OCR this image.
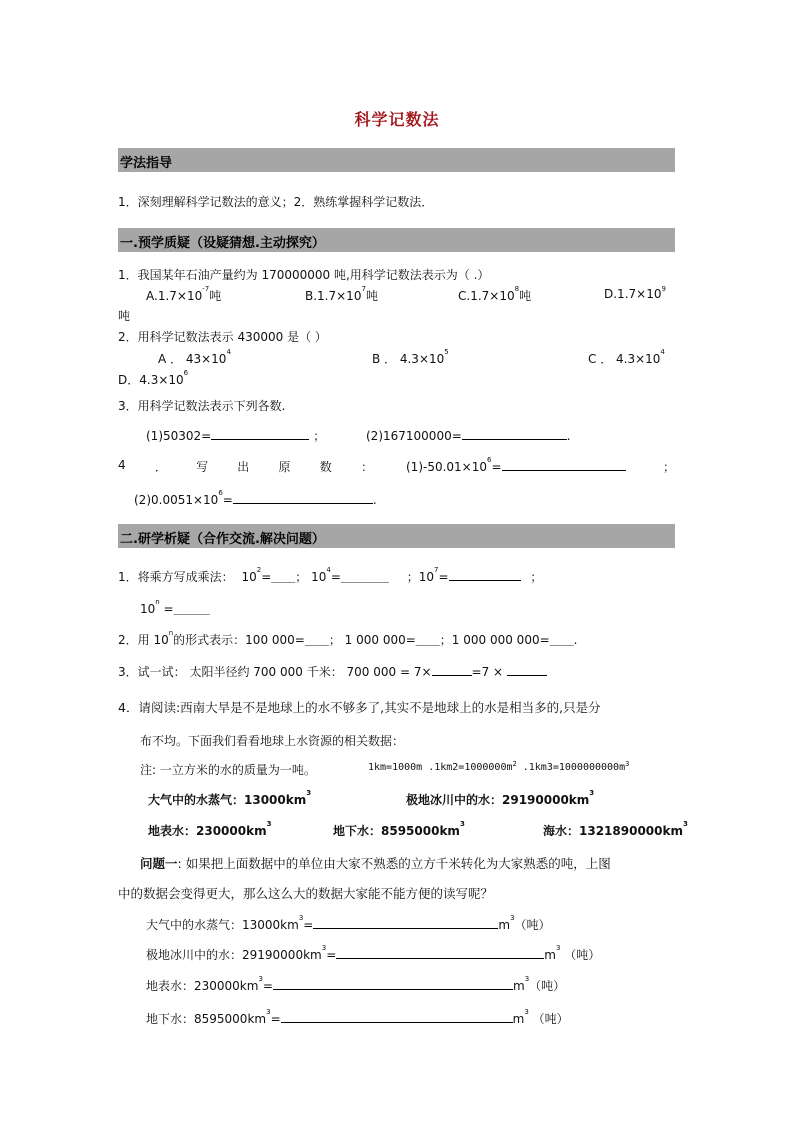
科学记数法
学法指导
1．深刻理解科学记数法的意义；2．熟练掌握科学记数法．
一.预学质疑（设疑猜想.主动探究）
1．我国某年石油产量约为 170000000 吨,用科学记数法表示为（ .）
$A.1.7\times 10^{-7}$吨	$B.1.7\times 10^7$吨	$C.1.7\times 10^8$吨	$D.1.7\times 10^9$
吨
2．用科学记数法表示 430000 是（ ）
A ． $43\times 10^4$	B ． $4.3\times 10^5$	C ． $4.3\times 10^4$
D．$4.3\times 10^6$
3．用科学记数法表示下列各数.
(1)50302=	；	(2)167100000=	.
4 ． 写 出 原 数 ：	$(1)-50.01\times 10^6=$	；
$(2)0.0051\times 10^6=$	.
二.研学析疑（合作交流.解决问题）
1．将乘方写成乘法： $10^2=\_\_$； $10^4=\_\_\_\_$ ；$10^7=$	；
$10^n$ =＿＿＿
2．用 10$^n$的形式表示：100 000=＿＿； 1 000 000=＿＿；1 000 000 000=＿＿.
3．试一试： 太阳半径约 700 000 千米： 700 000 = 7×	=7 ×
4．请阅读:西南大旱是不是地球上的水不够多了,其实不是地球上的水是相当多的,只是分
布不均。下面我们看看地球上水资源的相关数据：
注: 一立方米的水的质量为一吨。	1km=1000m $.1km2=1000000m^2$ $.1km3=1000000000m^3$
大气中的水蒸气：$13000km^3$	极地冰川中的水：$29190000km^3$
地表水：$230000km^3$	地下水：$8595000km^3$	海水：$1321890000km^3$
问题一: 如果把上面数据中的单位由大家不熟悉的立方千米转化为大家熟悉的吨，上图
中的数据会变得更大，那么这么大的数据大家能不能方便的读写呢？
大气中的水蒸气：$13000km^3=$	$m^3$（吨）
极地冰川中的水：$29190000km^3=$	$m^3$ （吨）
地表水：$230000km^3=$	$m^3$（吨）
地下水：$8595000km^3=$	$m^3$ （吨）
